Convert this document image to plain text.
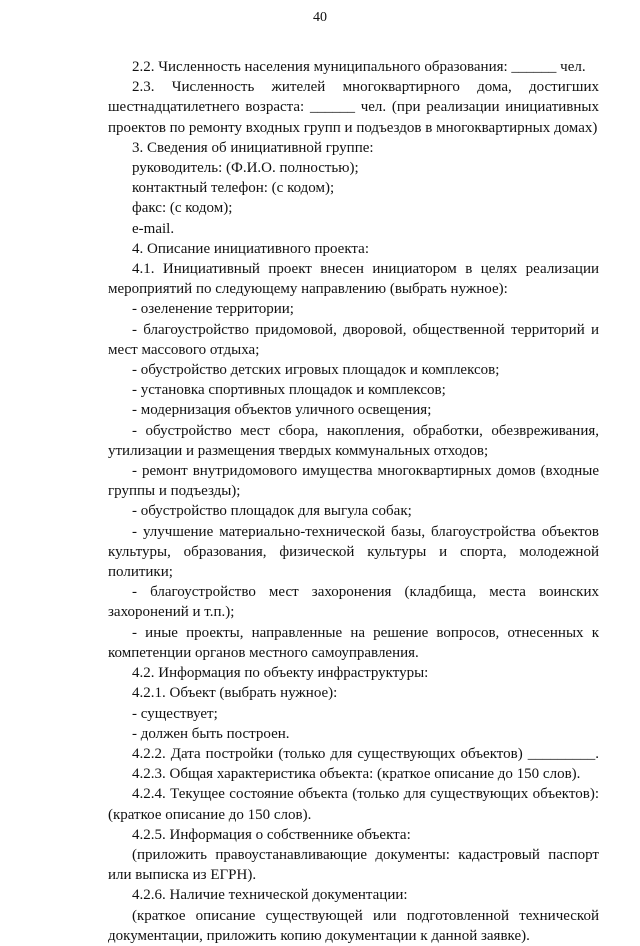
40

2.2. Численность населения муниципального образования: ______ чел.

2.3. Численность жителей многоквартирного дома, достигших шестнадцатилетнего возраста: ______ чел. (при реализации инициативных проектов по ремонту входных групп и подъездов в многоквартирных домах)

3. Сведения об инициативной группе:

руководитель: (Ф.И.О. полностью);

контактный телефон: (с кодом);

факс: (с кодом);

e-mail.

4. Описание инициативного проекта:

4.1. Инициативный проект внесен инициатором в целях реализации мероприятий по следующему направлению (выбрать нужное):

- озеленение территории;

- благоустройство придомовой, дворовой, общественной территорий и мест массового отдыха;

- обустройство детских игровых площадок и комплексов;

- установка спортивных площадок и комплексов;

- модернизация объектов уличного освещения;

- обустройство мест сбора, накопления, обработки, обезвреживания, утилизации и размещения твердых коммунальных отходов;

- ремонт внутридомового имущества многоквартирных домов (входные группы и подъезды);

- обустройство площадок для выгула собак;

- улучшение материально-технической базы, благоустройства объектов культуры, образования, физической культуры и спорта, молодежной политики;

- благоустройство мест захоронения (кладбища, места воинских захоронений и т.п.);

- иные проекты, направленные на решение вопросов, отнесенных к компетенции органов местного самоуправления.

4.2. Информация по объекту инфраструктуры:

4.2.1. Объект (выбрать нужное):

- существует;

- должен быть построен.

4.2.2. Дата постройки (только для существующих объектов) _________.

4.2.3. Общая характеристика объекта: (краткое описание до 150 слов).

4.2.4. Текущее состояние объекта (только для существующих объектов): (краткое описание до 150 слов).

4.2.5. Информация о собственнике объекта:

(приложить правоустанавливающие документы: кадастровый паспорт или выписка из ЕГРН).

4.2.6. Наличие технической документации:

(краткое описание существующей или подготовленной технической документации, приложить копию документации к данной заявке).
